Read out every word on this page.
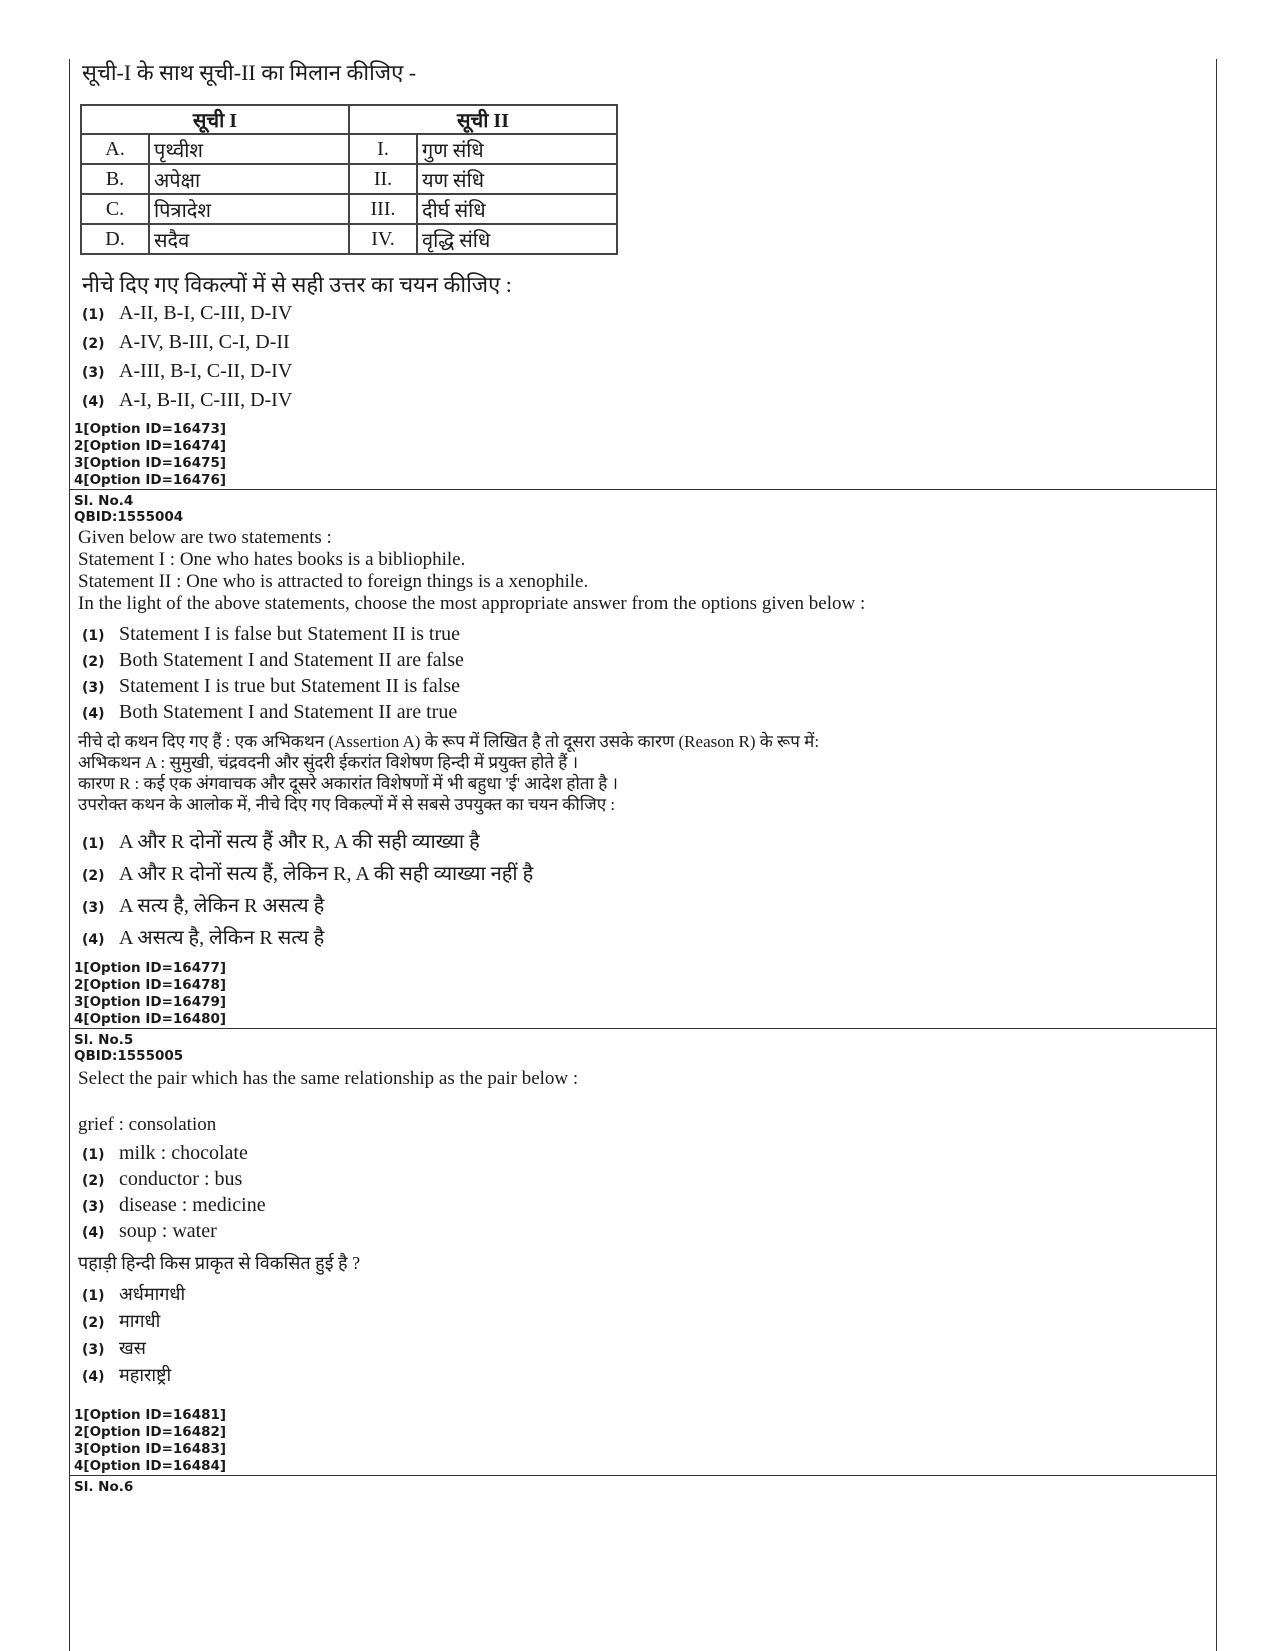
सूची-I के साथ सूची-II का मिलान कीजिए -

सूची I		सूची II	
A.	पृथ्वीश	I.	गुण संधि
B.	अपेक्षा	II.	यण संधि
C.	पित्रादेश	III.	दीर्घ संधि
D.	सदैव	IV.	वृद्धि संधि

नीचे दिए गए विकल्पों में से सही उत्तर का चयन कीजिए :

(1) A-II, B-I, C-III, D-IV
(2) A-IV, B-III, C-I, D-II
(3) A-III, B-I, C-II, D-IV
(4) A-I, B-II, C-III, D-IV
1[Option ID=16473]
2[Option ID=16474]
3[Option ID=16475]
4[Option ID=16476]
Sl. No.4
QBID:1555004
Given below are two statements :
Statement I : One who hates books is a bibliophile.
Statement II : One who is attracted to foreign things is a xenophile.
In the light of the above statements, choose the most appropriate answer from the options given below :
(1) Statement I is false but Statement II is true
(2) Both Statement I and Statement II are false
(3) Statement I is true but Statement II is false
(4) Both Statement I and Statement II are true
नीचे दो कथन दिए गए हैं : एक अभिकथन (Assertion A) के रूप में लिखित है तो दूसरा उसके कारण (Reason R) के रूप में:
अभिकथन A : सुमुखी, चंद्रवदनी और सुंदरी ईकरांत विशेषण हिन्दी में प्रयुक्त होते हैं ।
कारण R : कई एक अंगवाचक और दूसरे अकारांत विशेषणों में भी बहुधा 'ई' आदेश होता है ।
उपरोक्त कथन के आलोक में, नीचे दिए गए विकल्पों में से सबसे उपयुक्त का चयन कीजिए :
(1) A और R दोनों सत्य हैं और R, A की सही व्याख्या है
(2) A और R दोनों सत्य हैं, लेकिन R, A की सही व्याख्या नहीं है
(3) A सत्य है, लेकिन R असत्य है
(4) A असत्य है, लेकिन R सत्य है
1[Option ID=16477]
2[Option ID=16478]
3[Option ID=16479]
4[Option ID=16480]
Sl. No.5
QBID:1555005
Select the pair which has the same relationship as the pair below :
grief : consolation
(1) milk : chocolate
(2) conductor : bus
(3) disease : medicine
(4) soup : water
पहाड़ी हिन्दी किस प्राकृत से विकसित हुई है ?
(1) अर्धमागधी
(2) मागधी
(3) खस
(4) महाराष्ट्री
1[Option ID=16481]
2[Option ID=16482]
3[Option ID=16483]
4[Option ID=16484]
Sl. No.6
